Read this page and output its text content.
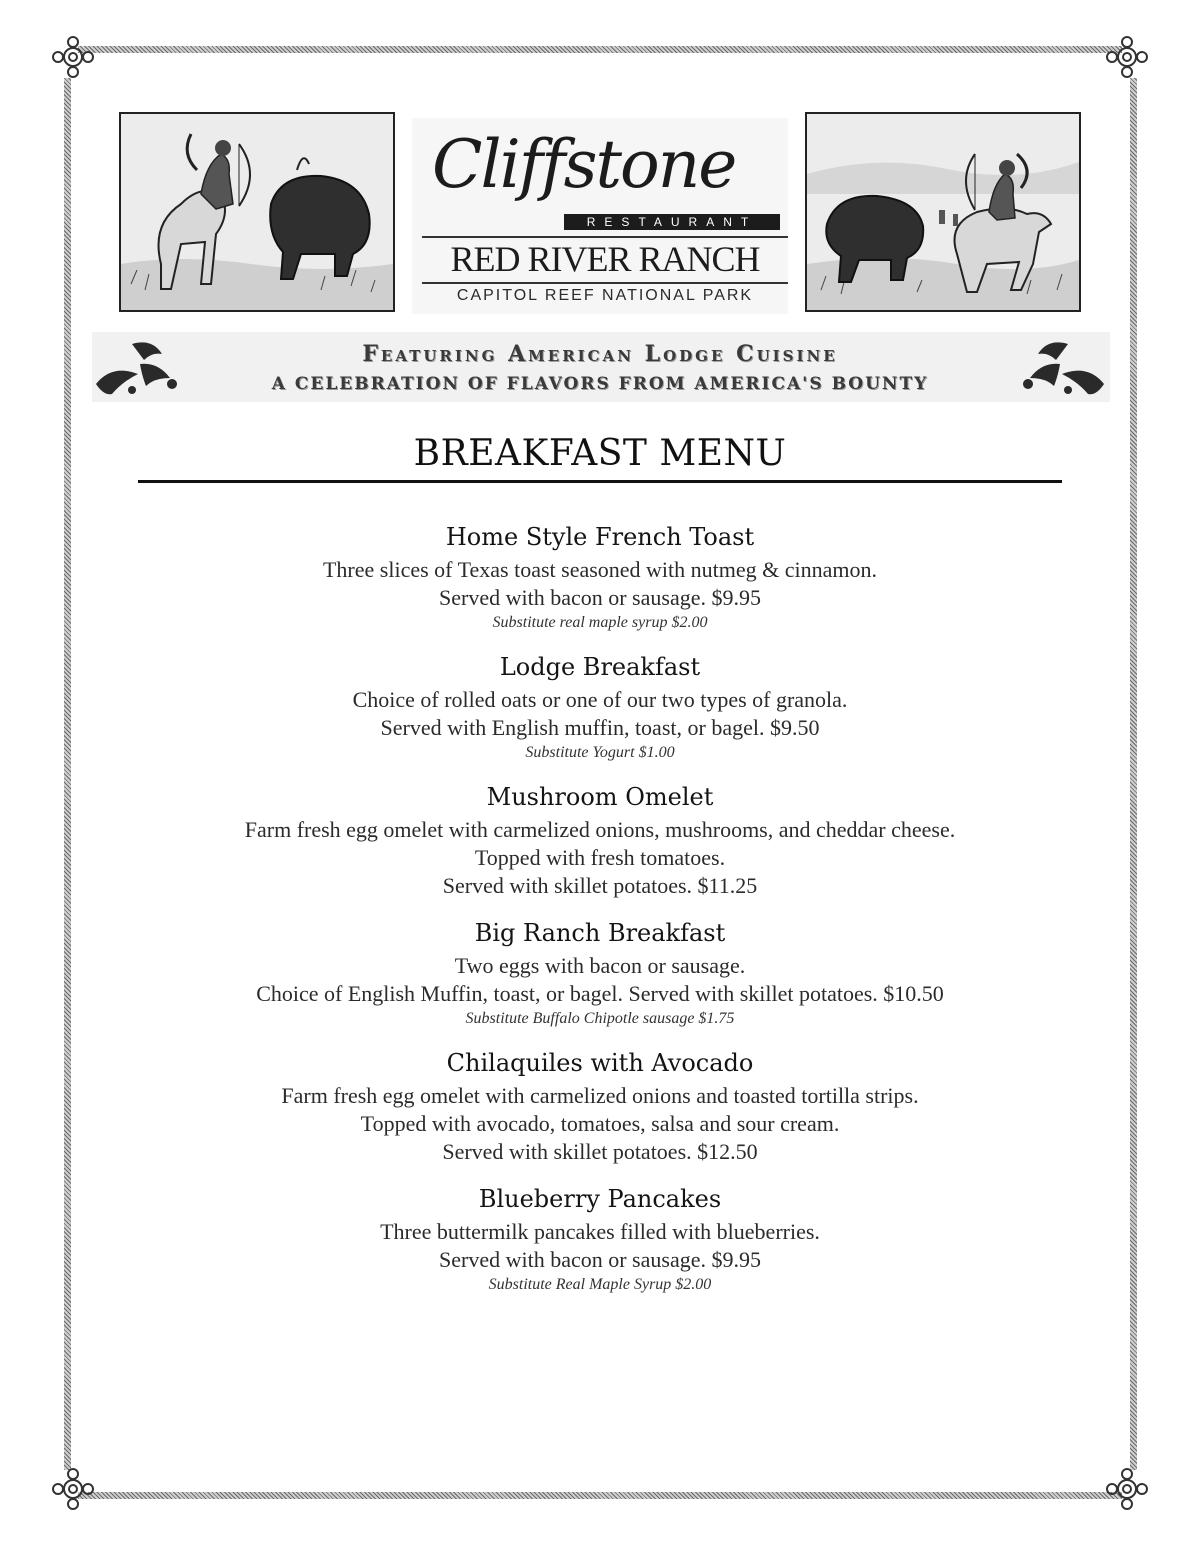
Cliffstone
RESTAURANT
RED RIVER RANCH
CAPITOL REEF NATIONAL PARK
Featuring American Lodge Cuisine
A CELEBRATION OF FLAVORS FROM AMERICA'S BOUNTY
BREAKFAST MENU
Home Style French Toast
Three slices of Texas toast seasoned with nutmeg & cinnamon.
Served with bacon or sausage. $9.95
Substitute real maple syrup $2.00
Lodge Breakfast
Choice of rolled oats or one of our two types of granola.
Served with English muffin, toast, or bagel. $9.50
Substitute Yogurt $1.00
Mushroom Omelet
Farm fresh egg omelet with carmelized onions, mushrooms, and cheddar cheese.
Topped with fresh tomatoes.
Served with skillet potatoes. $11.25
Big Ranch Breakfast
Two eggs with bacon or sausage.
Choice of English Muffin, toast, or bagel. Served with skillet potatoes. $10.50
Substitute Buffalo Chipotle sausage $1.75
Chilaquiles with Avocado
Farm fresh egg omelet with carmelized onions and toasted tortilla strips.
Topped with avocado, tomatoes, salsa and sour cream.
Served with skillet potatoes. $12.50
Blueberry Pancakes
Three buttermilk pancakes filled with blueberries.
Served with bacon or sausage. $9.95
Substitute Real Maple Syrup $2.00
